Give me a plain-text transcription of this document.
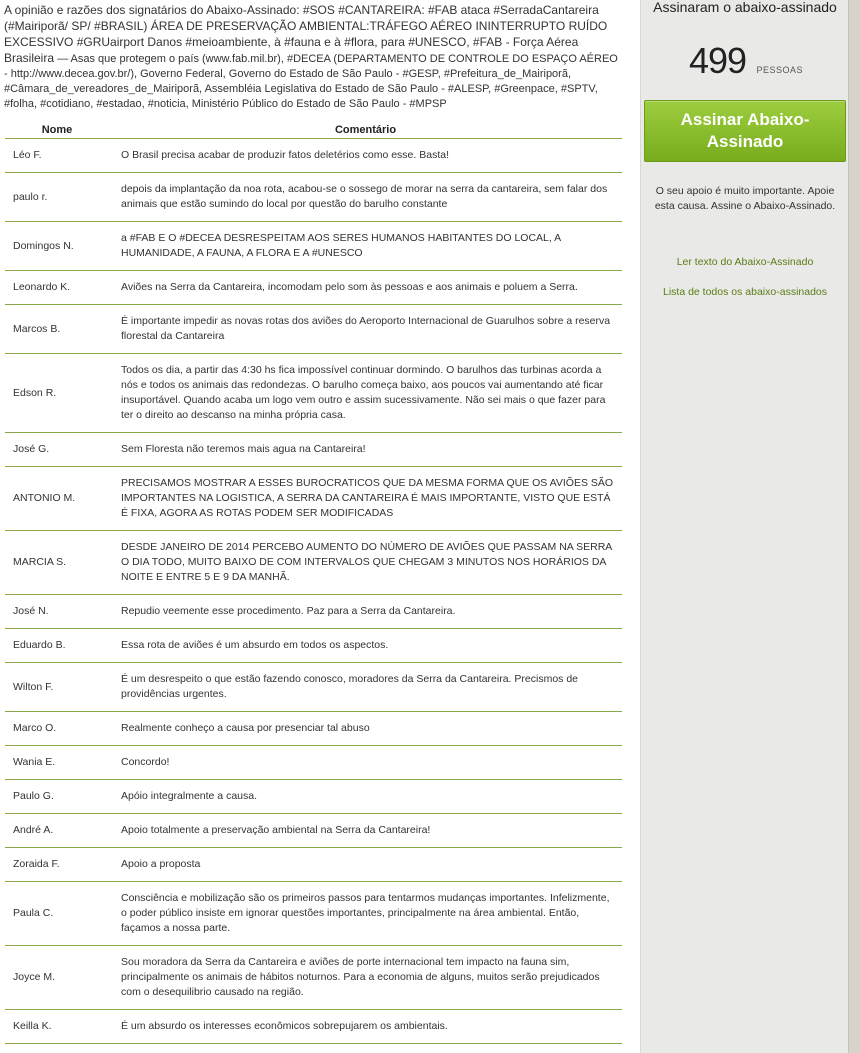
A opinião e razões dos signatários do Abaixo-Assinado: #SOS #CANTAREIRA: #FAB ataca #SerradaCantareira (#Mairiporã/ SP/ #BRASIL) ÁREA DE PRESERVAÇÃO AMBIENTAL:TRÁFEGO AÉREO ININTERRUPTO RUÍDO EXCESSIVO #GRUairport Danos #meioambiente, à #fauna e à #flora, para #UNESCO, #FAB - Força Aérea Brasileira — Asas que protegem o país (www.fab.mil.br), #DECEA (DEPARTAMENTO DE CONTROLE DO ESPAÇO AÉREO - http://www.decea.gov.br/), Governo Federal, Governo do Estado de São Paulo - #GESP, #Prefeitura_de_Mairiporã, #Câmara_de_vereadores_de_Mairiporã, Assembléia Legislativa do Estado de São Paulo - #ALESP, #Greenpace, #SPTV, #folha, #cotidiano, #estadao, #noticia, Ministério Público do Estado de São Paulo - #MPSP
Nome	Comentário
Léo F.	O Brasil precisa acabar de produzir fatos deletérios como esse. Basta!
paulo r.	depois da implantação da noa rota, acabou-se o sossego de morar na serra da cantareira, sem falar dos animais que estão sumindo do local por questão do barulho constante
Domingos N.	a #FAB E O #DECEA DESRESPEITAM AOS SERES HUMANOS HABITANTES DO LOCAL, A HUMANIDADE, A FAUNA, A FLORA E A #UNESCO
Leonardo K.	Aviões na Serra da Cantareira, incomodam pelo som às pessoas e aos animais e poluem a Serra.
Marcos B.	É importante impedir as novas rotas dos aviões do Aeroporto Internacional de Guarulhos sobre a reserva florestal da Cantareira
Edson R.	Todos os dia, a partir das 4:30 hs fica impossível continuar dormindo. O barulhos das turbinas acorda a nós e todos os animais das redondezas. O barulho começa baixo, aos poucos vai aumentando até ficar insuportável. Quando acaba um logo vem outro e assim sucessivamente. Não sei mais o que fazer para ter o direito ao descanso na minha própria casa.
José G.	Sem Floresta não teremos mais agua na Cantareira!
ANTONIO M.	PRECISAMOS MOSTRAR A ESSES BUROCRATICOS QUE DA MESMA FORMA QUE OS AVIÕES SÃO IMPORTANTES NA LOGISTICA, A SERRA DA CANTAREIRA É MAIS IMPORTANTE, VISTO QUE ESTÁ É FIXA, AGORA AS ROTAS PODEM SER MODIFICADAS
MARCIA S.	DESDE JANEIRO DE 2014 PERCEBO AUMENTO DO NÚMERO DE AVIÕES QUE PASSAM NA SERRA O DIA TODO, MUITO BAIXO DE COM INTERVALOS QUE CHEGAM 3 MINUTOS NOS HORÁRIOS DA NOITE E ENTRE 5 E 9 DA MANHÃ.
José N.	Repudio veemente esse procedimento. Paz para a Serra da Cantareira.
Eduardo B.	Essa rota de aviões é um absurdo em todos os aspectos.
Wilton F.	É um desrespeito o que estão fazendo conosco, moradores da Serra da Cantareira. Precismos de providências urgentes.
Marco O.	Realmente conheço a causa por presenciar tal abuso
Wania E.	Concordo!
Paulo G.	Apóio integralmente a causa.
André A.	Apoio totalmente a preservação ambiental na Serra da Cantareira!
Zoraida F.	Apoio a proposta
Paula C.	Consciência e mobilização são os primeiros passos para tentarmos mudanças importantes. Infelizmente, o poder público insiste em ignorar questões importantes, principalmente na área ambiental. Então, façamos a nossa parte.
Joyce M.	Sou moradora da Serra da Cantareira e aviões de porte internacional tem impacto na fauna sim, principalmente os animais de hábitos noturnos. Para a economia de alguns, muitos serão prejudicados com o desequilibrio causado na região.
Keilla K.	É um absurdo os interesses econômicos sobrepujarem os ambientais.
Assinaram o abaixo-assinado
499 PESSOAS
Assinar Abaixo-Assinado
O seu apoio é muito importante. Apoie esta causa. Assine o Abaixo-Assinado.
Ler texto do Abaixo-Assinado
Lista de todos os abaixo-assinados
